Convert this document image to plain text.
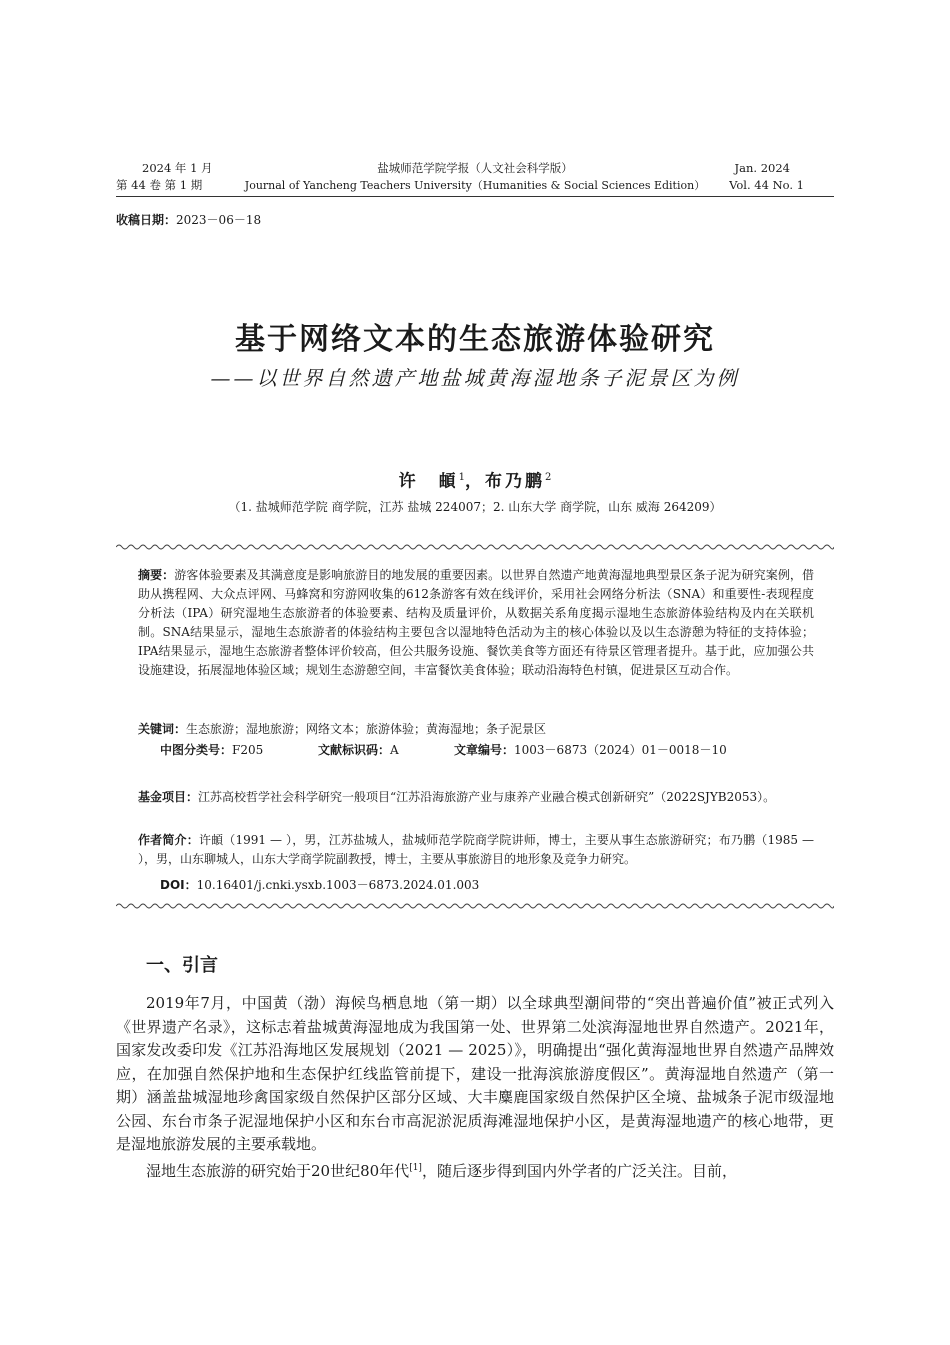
2024 年 1 月
第 44 卷 第 1 期
盐城师范学院学报（人文社会科学版）
Journal of Yancheng Teachers University（Humanities & Social Sciences Edition）
Jan. 2024
Vol. 44 No. 1
收稿日期：2023－06－18
基于网络文本的生态旅游体验研究
——以世界自然遗产地盐城黄海湿地条子泥景区为例
许　頔$^1$，布乃鹏$^2$
（1. 盐城师范学院 商学院，江苏 盐城 224007；2. 山东大学 商学院，山东 威海 264209）
摘要：游客体验要素及其满意度是影响旅游目的地发展的重要因素。以世界自然遗产地黄海湿地典型景区条子泥为研究案例，借助从携程网、大众点评网、马蜂窝和穷游网收集的612条游客有效在线评价，采用社会网络分析法（SNA）和重要性-表现程度分析法（IPA）研究湿地生态旅游者的体验要素、结构及质量评价，从数据关系角度揭示湿地生态旅游体验结构及内在关联机制。SNA结果显示，湿地生态旅游者的体验结构主要包含以湿地特色活动为主的核心体验以及以生态游憩为特征的支持体验；IPA结果显示，湿地生态旅游者整体评价较高，但公共服务设施、餐饮美食等方面还有待景区管理者提升。基于此，应加强公共设施建设，拓展湿地体验区域；规划生态游憩空间，丰富餐饮美食体验；联动沿海特色村镇，促进景区互动合作。
关键词：生态旅游；湿地旅游；网络文本；旅游体验；黄海湿地；条子泥景区
中图分类号：F205	文献标识码：A	文章编号：1003－6873（2024）01－0018－10
基金项目：江苏高校哲学社会科学研究一般项目“江苏沿海旅游产业与康养产业融合模式创新研究”（2022SJYB2053）。
作者简介：许頔（1991 — ），男，江苏盐城人，盐城师范学院商学院讲师，博士，主要从事生态旅游研究；布乃鹏（1985 — ），男，山东聊城人，山东大学商学院副教授，博士，主要从事旅游目的地形象及竞争力研究。
DOI：10.16401/j.cnki.ysxb.1003－6873.2024.01.003
一、引言

2019年7月，中国黄（渤）海候鸟栖息地（第一期）以全球典型潮间带的“突出普遍价值”被正式列入《世界遗产名录》，这标志着盐城黄海湿地成为我国第一处、世界第二处滨海湿地世界自然遗产。2021年，国家发改委印发《江苏沿海地区发展规划（2021 — 2025）》，明确提出“强化黄海湿地世界自然遗产品牌效应，在加强自然保护地和生态保护红线监管前提下，建设一批海滨旅游度假区”。黄海湿地自然遗产（第一期）涵盖盐城湿地珍禽国家级自然保护区部分区域、大丰麋鹿国家级自然保护区全境、盐城条子泥市级湿地公园、东台市条子泥湿地保护小区和东台市高泥淤泥质海滩湿地保护小区，是黄海湿地遗产的核心地带，更是湿地旅游发展的主要承载地。

湿地生态旅游的研究始于20世纪80年代[1]，随后逐步得到国内外学者的广泛关注。目前，
